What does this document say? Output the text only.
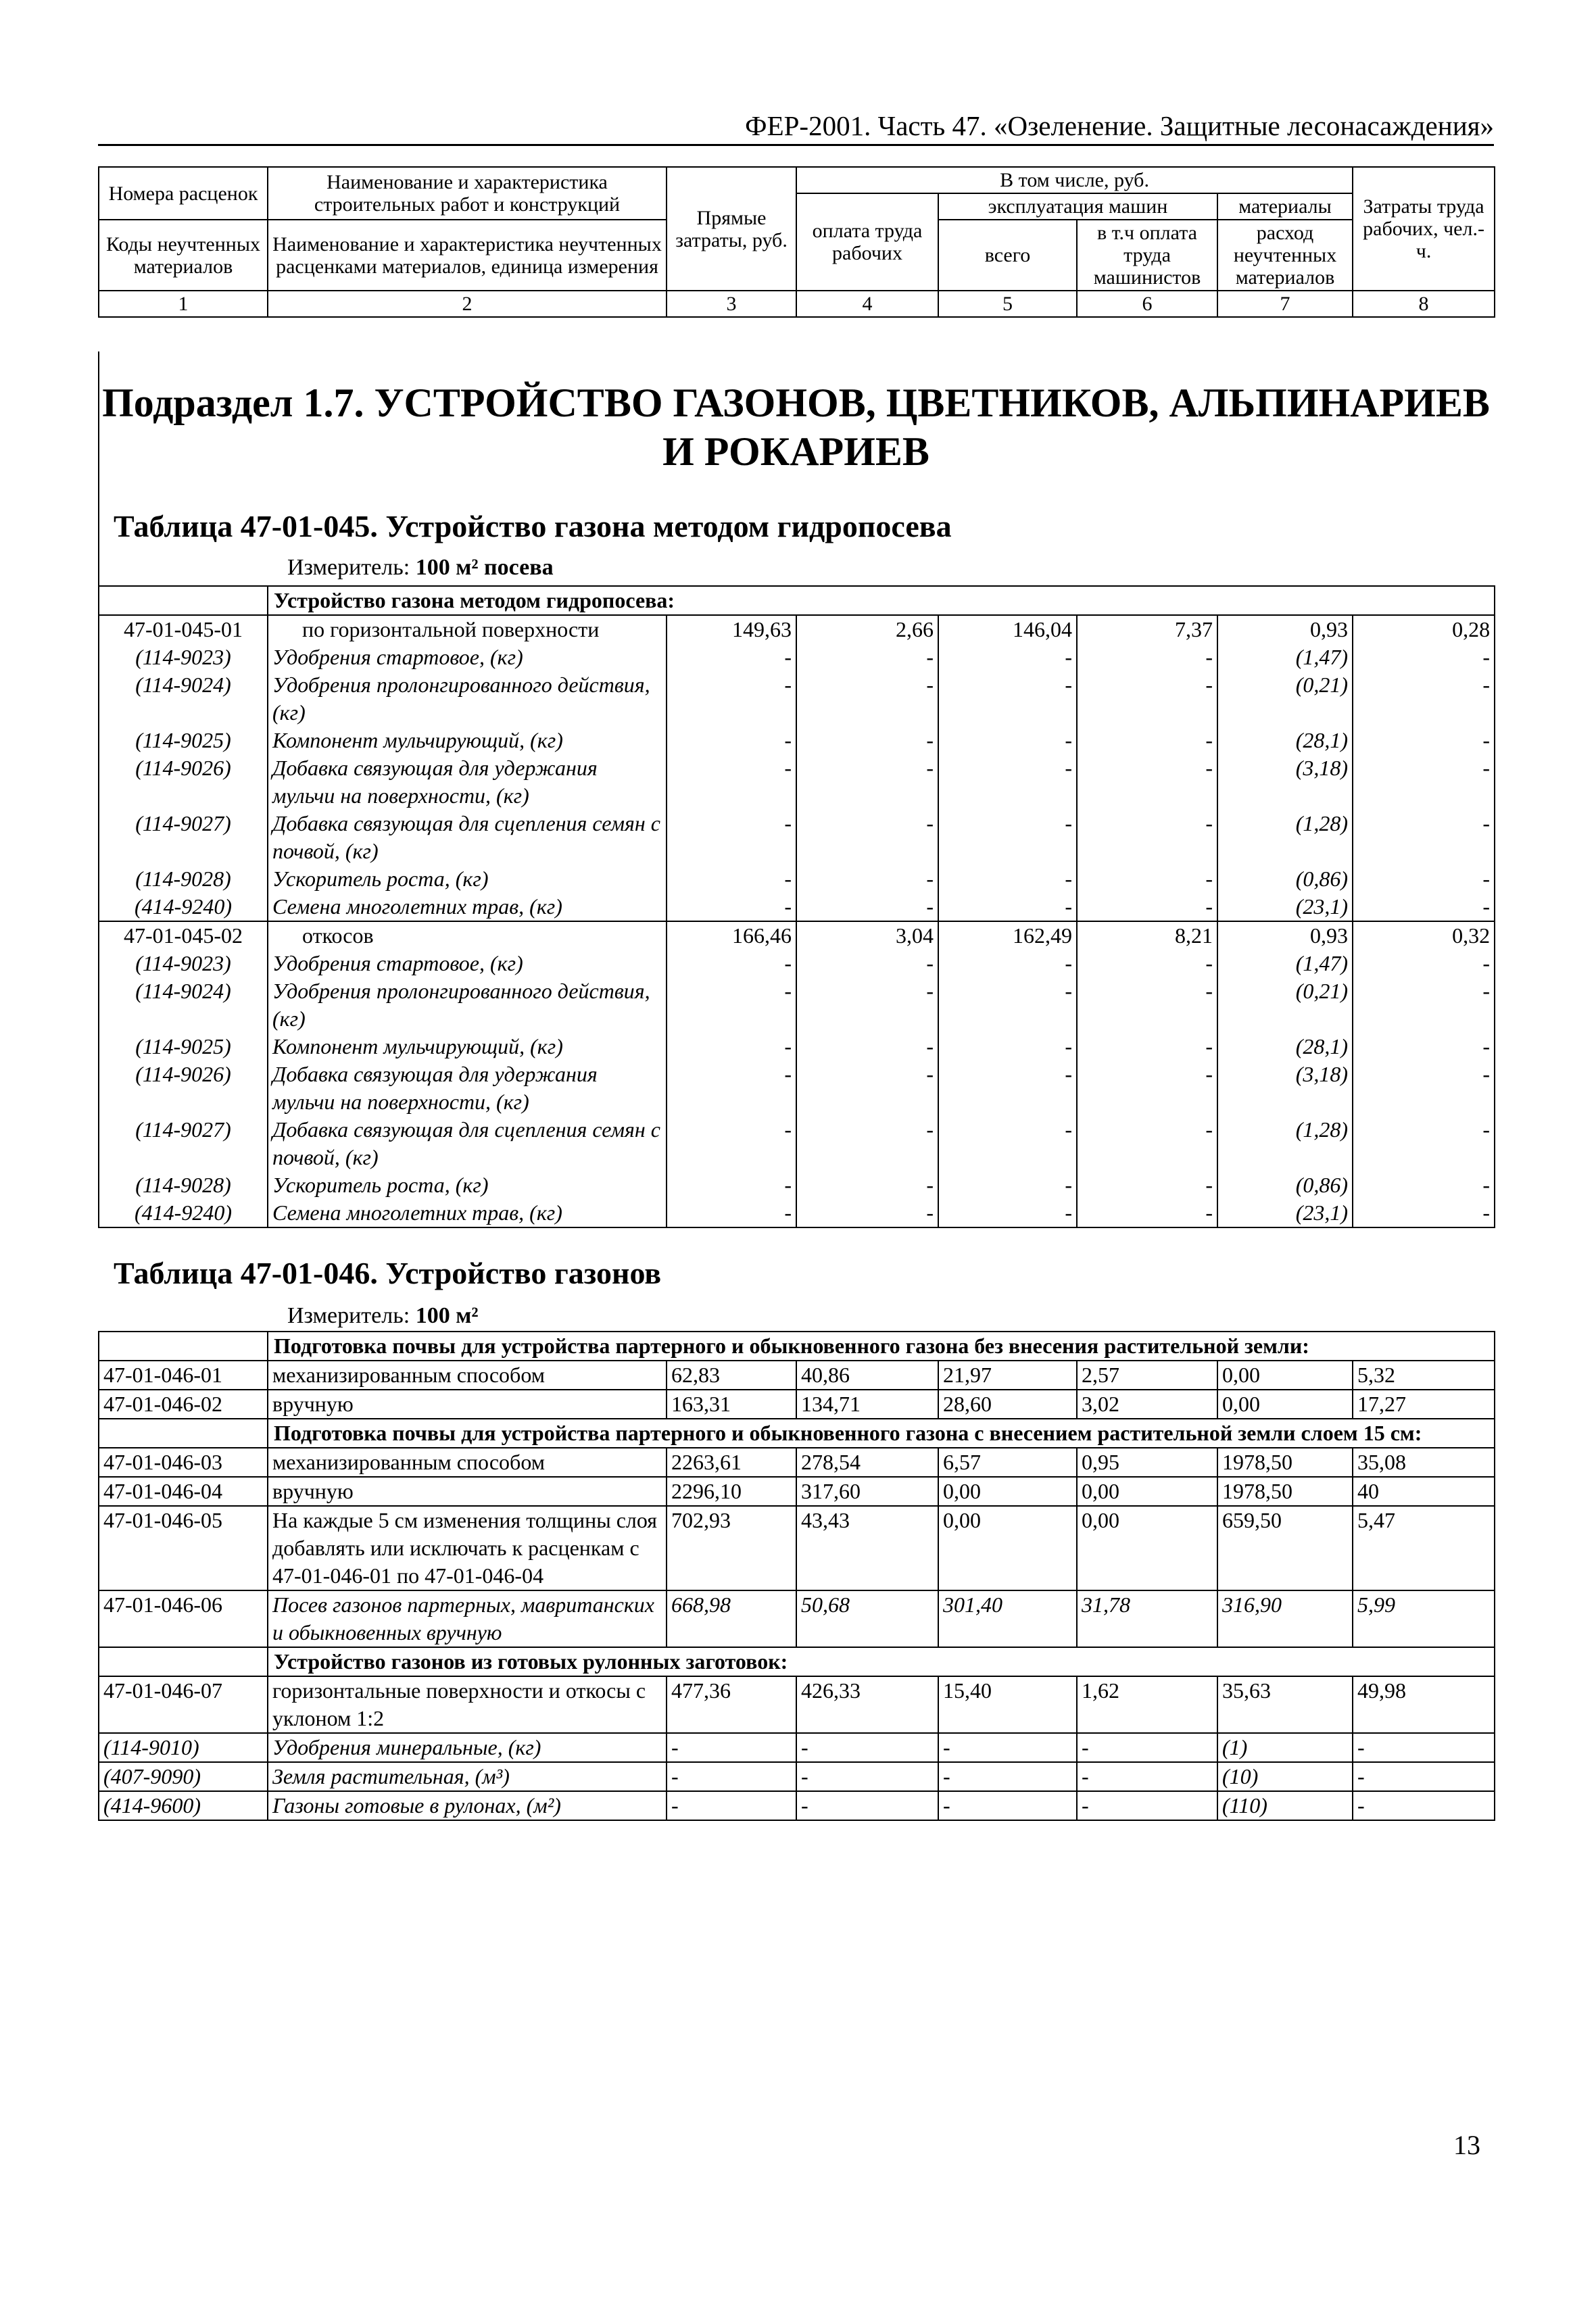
ФЕР-2001. Часть 47. «Озеленение. Защитные лесонасаждения»
Номера расценок	Наименование и характеристика строительных работ и конструкций	Прямые затраты, руб.	В том числе, руб.				Затраты труда рабочих, чел.-ч.
			оплата труда рабочих	эксплуатация машин		материалы	
Коды неучтенных материалов	Наименование и характеристика неучтенных расценками материалов, единица измерения			всего	в т.ч оплата труда машинистов	расход неучтенных материалов	

1	2	3	4	5	6	7	8
Подраздел 1.7. УСТРОЙСТВО ГАЗОНОВ, ЦВЕТНИКОВ, АЛЬПИНАРИЕВ И РОКАРИЕВ
Таблица 47-01-045. Устройство газона методом гидропосева
Измеритель: 100 м² посева
	Устройство газона методом гидропосева:						
47-01-045-01	по горизонтальной поверхности	149,63	2,66	146,04	7,37	0,93	0,28
(114-9023)	Удобрения стартовое, (кг)	-	-	-	-	(1,47)	-
(114-9024)	Удобрения пролонгированного действия, (кг)	-	-	-	-	(0,21)	-
(114-9025)	Компонент мульчирующий, (кг)	-	-	-	-	(28,1)	-
(114-9026)	Добавка связующая для удержания мульчи на поверхности, (кг)	-	-	-	-	(3,18)	-
(114-9027)	Добавка связующая для сцепления семян с почвой, (кг)	-	-	-	-	(1,28)	-
(114-9028)	Ускоритель роста, (кг)	-	-	-	-	(0,86)	-
(414-9240)	Семена многолетних трав, (кг)	-	-	-	-	(23,1)	-
47-01-045-02	откосов	166,46	3,04	162,49	8,21	0,93	0,32
(114-9023)	Удобрения стартовое, (кг)	-	-	-	-	(1,47)	-
(114-9024)	Удобрения пролонгированного действия, (кг)	-	-	-	-	(0,21)	-
(114-9025)	Компонент мульчирующий, (кг)	-	-	-	-	(28,1)	-
(114-9026)	Добавка связующая для удержания мульчи на поверхности, (кг)	-	-	-	-	(3,18)	-
(114-9027)	Добавка связующая для сцепления семян с почвой, (кг)	-	-	-	-	(1,28)	-
(114-9028)	Ускоритель роста, (кг)	-	-	-	-	(0,86)	-
(414-9240)	Семена многолетних трав, (кг)	-	-	-	-	(23,1)	-
Таблица 47-01-046. Устройство газонов
Измеритель: 100 м²
	Подготовка почвы для устройства партерного и обыкновенного газона без внесения растительной земли:						
47-01-046-01	механизированным способом	62,83	40,86	21,97	2,57	0,00	5,32
47-01-046-02	вручную	163,31	134,71	28,60	3,02	0,00	17,27
	Подготовка почвы для устройства партерного и обыкновенного газона с внесением растительной земли слоем 15 см:						
47-01-046-03	механизированным способом	2263,61	278,54	6,57	0,95	1978,50	35,08
47-01-046-04	вручную	2296,10	317,60	0,00	0,00	1978,50	40
47-01-046-05	На каждые 5 см изменения толщины слоя добавлять или исключать к расценкам с 47-01-046-01 по 47-01-046-04	702,93	43,43	0,00	0,00	659,50	5,47
47-01-046-06	Посев газонов партерных, мавританских и обыкновенных вручную	668,98	50,68	301,40	31,78	316,90	5,99
	Устройство газонов из готовых рулонных заготовок:						
47-01-046-07	горизонтальные поверхности и откосы с уклоном 1:2	477,36	426,33	15,40	1,62	35,63	49,98
(114-9010)	Удобрения минеральные, (кг)	-	-	-	-	(1)	-
(407-9090)	Земля растительная, (м³)	-	-	-	-	(10)	-
(414-9600)	Газоны готовые в рулонах, (м²)	-	-	-	-	(110)	-
13
